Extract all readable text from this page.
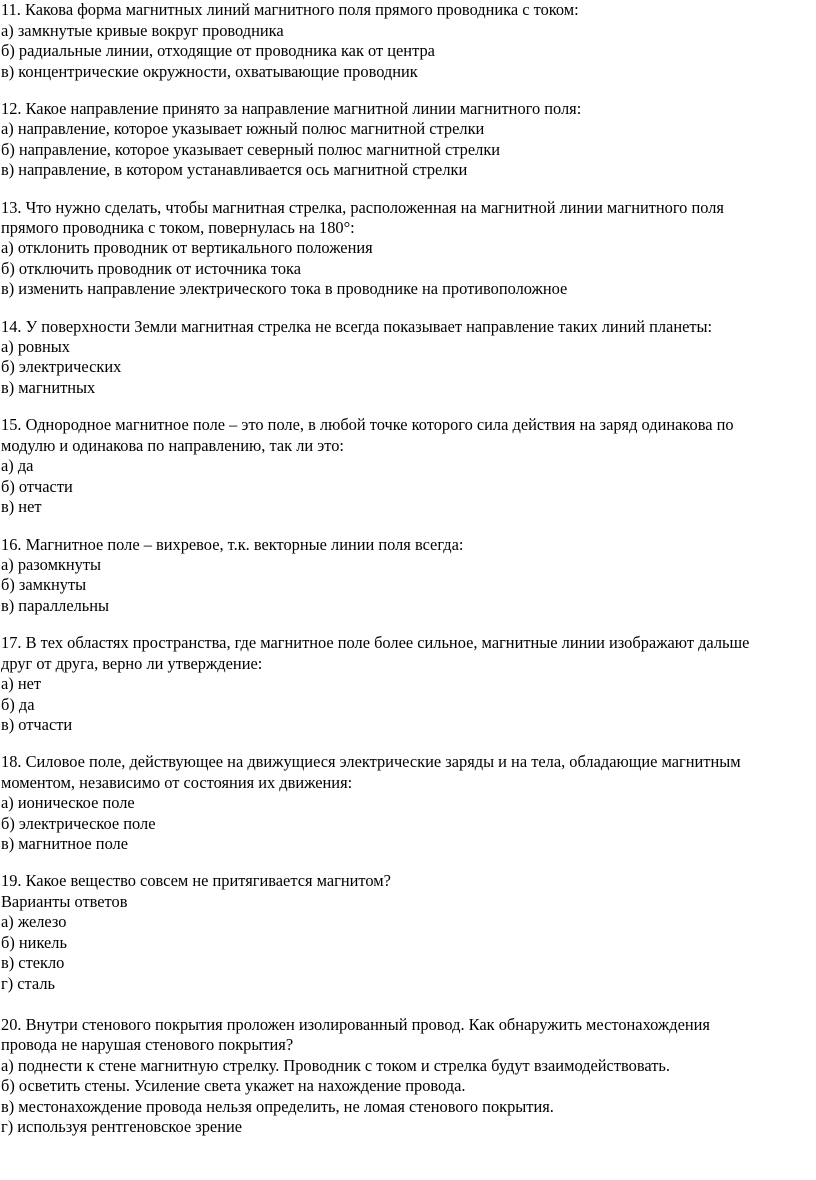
11. Какова форма магнитных линий магнитного поля прямого проводника с током:
а) замкнутые кривые вокруг проводника
б) радиальные линии, отходящие от проводника как от центра
в) концентрические окружности, охватывающие проводник
12. Какое направление принято за направление магнитной линии магнитного поля:
а) направление, которое указывает южный полюс магнитной стрелки
б) направление, которое указывает северный полюс магнитной стрелки
в) направление, в котором устанавливается ось магнитной стрелки
13. Что нужно сделать, чтобы магнитная стрелка, расположенная на магнитной линии магнитного поля
прямого проводника с током, повернулась на 180°:
а) отклонить проводник от вертикального положения
б) отключить проводник от источника тока
в) изменить направление электрического тока в проводнике на противоположное
14. У поверхности Земли магнитная стрелка не всегда показывает направление таких линий планеты:
а) ровных
б) электрических
в) магнитных
15. Однородное магнитное поле – это поле, в любой точке которого сила действия на заряд одинакова по
модулю и одинакова по направлению, так ли это:
а) да
б) отчасти
в) нет
16. Магнитное поле – вихревое, т.к. векторные линии поля всегда:
а) разомкнуты
б) замкнуты
в) параллельны
17. В тех областях пространства, где магнитное поле более сильное, магнитные линии изображают дальше
друг от друга, верно ли утверждение:
а) нет
б) да
в) отчасти
18. Силовое поле, действующее на движущиеся электрические заряды и на тела, обладающие магнитным
моментом, независимо от состояния их движения:
а) ионическое поле
б) электрическое поле
в) магнитное поле
19. Какое вещество совсем не притягивается магнитом?
Варианты ответов
а) железо
б) никель
в) стекло
г) сталь
20. Внутри стенового покрытия проложен изолированный провод. Как обнаружить местонахождения
провода не нарушая стенового покрытия?
а) поднести к стене магнитную стрелку. Проводник с током и стрелка будут взаимодействовать.
б) осветить стены. Усиление света укажет на нахождение провода.
в) местонахождение провода нельзя определить, не ломая стенового покрытия.
г) используя рентгеновское зрение
